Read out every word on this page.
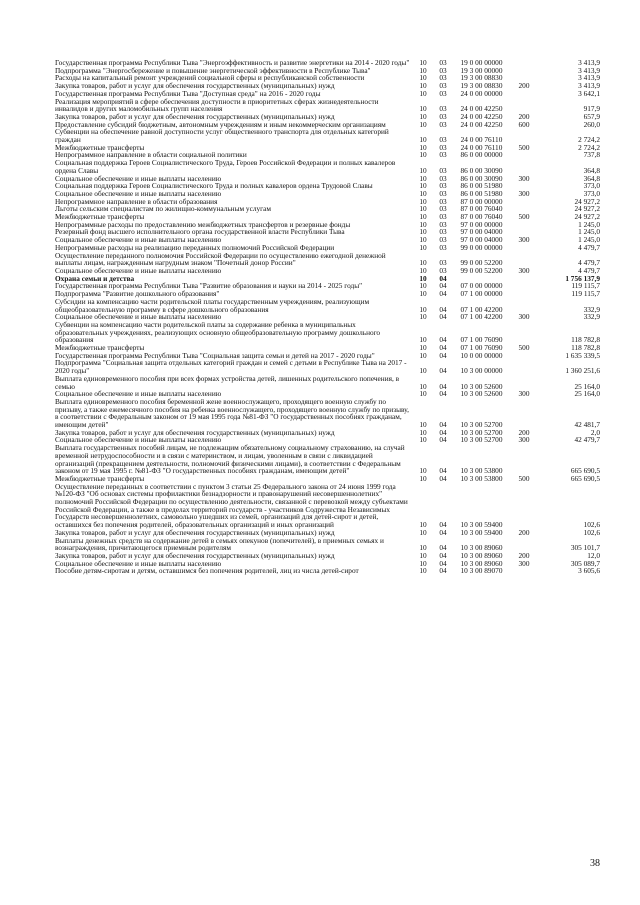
Государственная программа Республики Тыва "Энергоэффективность и развитие энергетики на 2014 - 2020 годы"	10	03	19 0 00 00000		3 413,9
Подпрограмма "Энергосбережение и повышение энергетической эффективности в Республике Тыва"	10	03	19 3 00 00000		3 413,9
Расходы на капитальный ремонт учреждений социальной сферы и республиканской собственности	10	03	19 3 00 08830		3 413,9
Закупка товаров, работ и услуг для обеспечения государственных (муниципальных) нужд	10	03	19 3 00 08830	200	3 413,9
Государственная программа Республики Тыва "Доступная среда" на 2016 - 2020 годы	10	03	24 0 00 00000		3 642,1
Реализация мероприятий в сфере обеспечения доступности в приоритетных сферах жизнедеятельности инвалидов и других маломобильных групп населения	10	03	24 0 00 42250		917,9
Закупка товаров, работ и услуг для обеспечения государственных (муниципальных) нужд	10	03	24 0 00 42250	200	657,9
Предоставление субсидий бюджетным, автономным учреждениям и иным некоммерческим организациям	10	03	24 0 00 42250	600	260,0
Субвенции на обеспечение равной доступности услуг общественного транспорта для отдельных категорий граждан	10	03	24 0 00 76110		2 724,2
Межбюджетные трансферты	10	03	24 0 00 76110	500	2 724,2
Непрограммное направление в области социальной политики	10	03	86 0 00 00000		737,8
Социальная поддержка Героев Социалистического Труда, Героев Российской Федерации и полных кавалеров ордена Славы	10	03	86 0 00 30090		364,8
Социальное обеспечение и иные выплаты населению	10	03	86 0 00 30090	300	364,8
Социальная поддержка Героев Социалистического Труда и полных кавалеров ордена Трудовой Славы	10	03	86 0 00 51980		373,0
Социальное обеспечение и иные выплаты населению	10	03	86 0 00 51980	300	373,0
Непрограммное направление в области образования	10	03	87 0 00 00000		24 927,2
Льготы сельским специалистам по жилищно-коммунальным услугам	10	03	87 0 00 76040		24 927,2
Межбюджетные трансферты	10	03	87 0 00 76040	500	24 927,2
Непрограммные расходы по предоставлению межбюджетных трансфертов и резервные фонды	10	03	97 0 00 00000		1 245,0
Резервный фонд высшего исполнительного органа государственной власти Республики Тыва	10	03	97 0 00 04000		1 245,0
Социальное обеспечение и иные выплаты населению	10	03	97 0 00 04000	300	1 245,0
Непрограммные расходы на реализацию переданных полномочий Российской Федерации	10	03	99 0 00 00000		4 479,7
Осуществление переданного полномочия Российской Федерации по осуществлению ежегодной денежной выплаты лицам, награжденным нагрудным знаком "Почетный донор России"	10	03	99 0 00 52200		4 479,7
Социальное обеспечение и иные выплаты населению	10	03	99 0 00 52200	300	4 479,7
Охрана семьи и детства	10	04			1 756 137,9
Государственная программа Республики Тыва "Развитие образования и науки на 2014 - 2025 годы"	10	04	07 0 00 00000		119 115,7
Подпрограмма "Развитие дошкольного образования"	10	04	07 1 00 00000		119 115,7
Субсидии на компенсацию части родительской платы государственным учреждениям, реализующим общеобразовательную программу в сфере дошкольного образования	10	04	07 1 00 42200		332,9
Социальное обеспечение и иные выплаты населению	10	04	07 1 00 42200	300	332,9
Субвенции на компенсацию части родительской платы за содержание ребенка в муниципальных образовательных учреждениях, реализующих основную общеобразовательную программу дошкольного образования	10	04	07 1 00 76090		118 782,8
Межбюджетные трансферты	10	04	07 1 00 76090	500	118 782,8
Государственная программа Республики Тыва "Социальная защита семьи и детей на 2017 - 2020 годы"	10	04	10 0 00 00000		1 635 339,5
Подпрограмма "Социальная защита отдельных категорий граждан и семей с детьми в Республике Тыва на 2017 - 2020 годы"	10	04	10 3 00 00000		1 360 251,6
Выплата единовременного пособия при всех формах устройства детей, лишенных родительского попечения, в семью	10	04	10 3 00 52600		25 164,0
Социальное обеспечение и иные выплаты населению	10	04	10 3 00 52600	300	25 164,0
Выплата единовременного пособия беременной жене военнослужащего, проходящего военную службу по призыву, а также ежемесячного пособия на ребенка военнослужащего, проходящего военную службу по призыву, в соответствии с Федеральным законом от 19 мая 1995 года №81-ФЗ "О государственных пособиях гражданам, имеющим детей"	10	04	10 3 00 52700		42 481,7
Закупка товаров, работ и услуг для обеспечения государственных (муниципальных) нужд	10	04	10 3 00 52700	200	2,0
Социальное обеспечение и иные выплаты населению	10	04	10 3 00 52700	300	42 479,7
Выплата государственных пособий лицам, не подлежащим обязательному социальному страхованию, на случай временной нетрудоспособности и в связи с материнством, и лицам, уволенным в связи с ликвидацией организаций (прекращением деятельности, полномочий физическими лицами), в соответствии с Федеральным законом от 19 мая 1995 г. №81-ФЗ "О государственных пособиях гражданам, имеющим детей"	10	04	10 3 00 53800		665 690,5
Межбюджетные трансферты	10	04	10 3 00 53800	500	665 690,5
Осуществление переданных в соответствии с пунктом 3 статьи 25 Федерального закона от 24 июня 1999 года №120-ФЗ "Об основах системы профилактики безнадзорности и правонарушений несовершеннолетних" полномочий Российской Федерации по осуществлению деятельности, связанной с перевозкой между субъектами Российской Федерации, а также в пределах территорий государств - участников Содружества Независимых Государств несовершеннолетних, самовольно ушедших из семей, организаций для детей-сирот и детей, оставшихся без попечения родителей, образовательных организаций и иных организаций	10	04	10 3 00 59400		102,6
Закупка товаров, работ и услуг для обеспечения государственных (муниципальных) нужд	10	04	10 3 00 59400	200	102,6
Выплаты денежных средств на содержание детей в семьях опекунов (попечителей), в приемных семьях и вознаграждения, причитающегося приемным родителям	10	04	10 3 00 89060		305 101,7
Закупка товаров, работ и услуг для обеспечения государственных (муниципальных) нужд	10	04	10 3 00 89060	200	12,0
Социальное обеспечение и иные выплаты населению	10	04	10 3 00 89060	300	305 089,7
Пособие детям-сиротам и детям, оставшимся без попечения родителей, лиц из числа детей-сирот	10	04	10 3 00 89070		3 605,6
38
